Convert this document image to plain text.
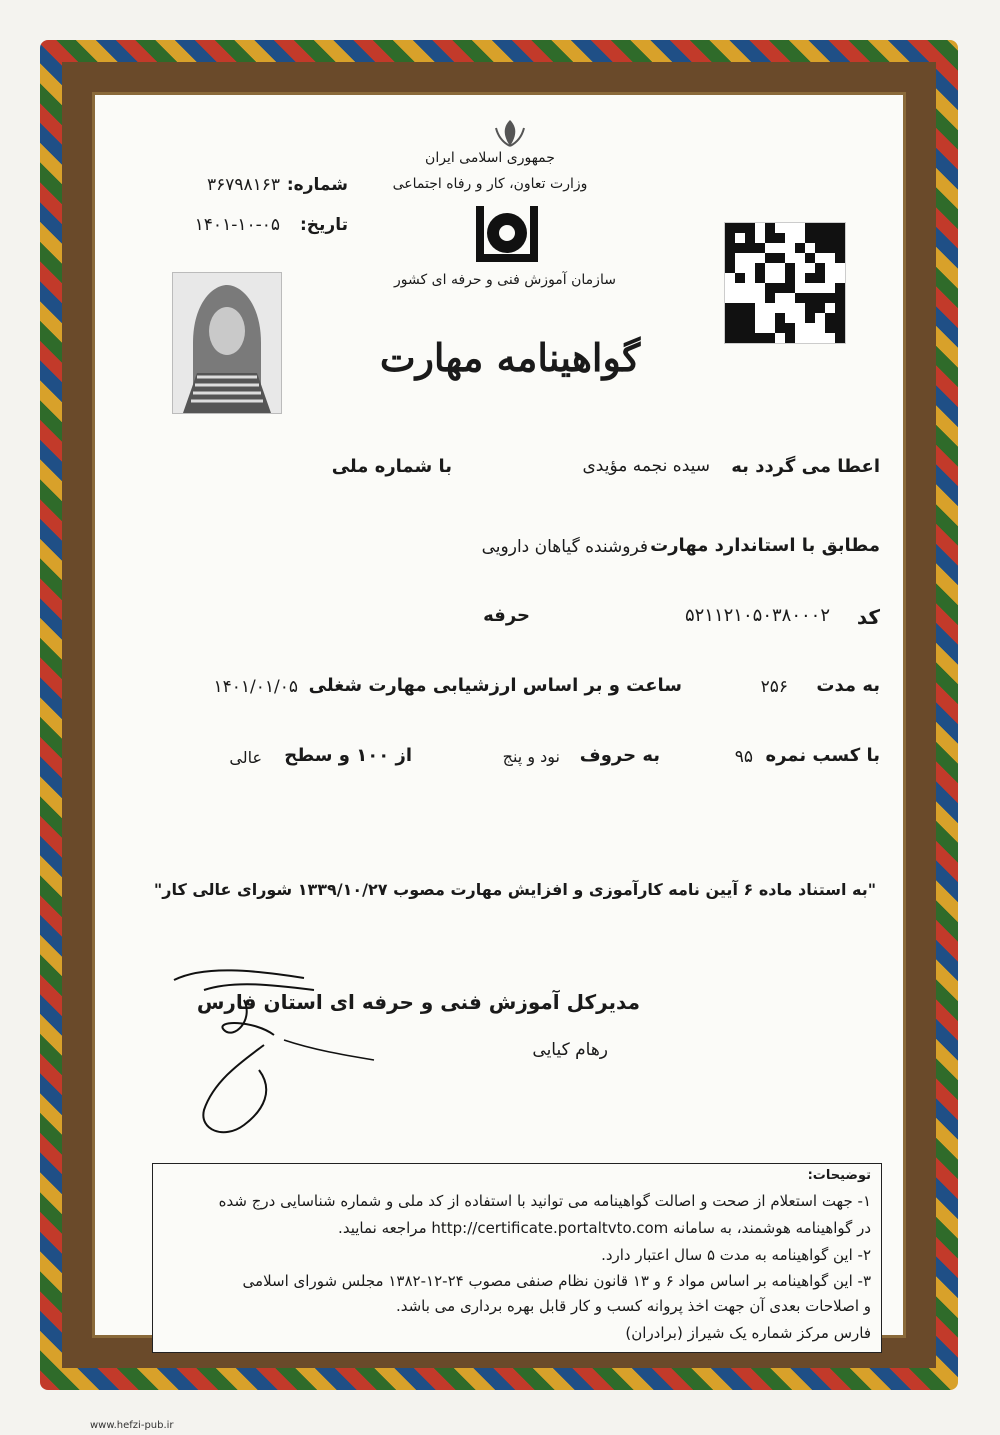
جمهوری اسلامی ایران
وزارت تعاون، کار و رفاه اجتماعی
سازمان آموزش فنی و حرفه ای کشور
شماره:
۳۶۷۹۸۱۶۳
تاریخ:
۱۴۰۱-۱۰-۰۵
گواهینامه مهارت
اعطا می گردد به
سیده نجمه مؤیدی
با شماره ملی
مطابق با استاندارد مهارت
فروشنده گیاهان دارویی
کد
۵۲۱۱۲۱۰۵۰۳۸۰۰۰۲
حرفه
به مدت
۲۵۶
ساعت و بر اساس ارزشیابی مهارت شغلی
۱۴۰۱/۰۱/۰۵
با کسب نمره
۹۵
به حروف
نود و پنج
از ۱۰۰ و سطح
عالی
"به استناد ماده ۶ آیین نامه کارآموزی و افزایش مهارت مصوب ۱۳۳۹/۱۰/۲۷ شورای عالی کار"
مدیرکل آموزش فنی و حرفه ای استان فارس
رهام کیایی
توضیحات:
۱- جهت استعلام از صحت و اصالت گواهینامه می توانید با استفاده از کد ملی و شماره شناسایی درج شده
در گواهینامه هوشمند، به سامانه http://certificate.portaltvto.com مراجعه نمایید.
۲- این گواهینامه به مدت ۵ سال اعتبار دارد.
۳- این گواهینامه بر اساس مواد ۶ و ۱۳ قانون نظام صنفی مصوب ۲۴-۱۲-۱۳۸۲ مجلس شورای اسلامی
و اصلاحات بعدی آن جهت اخذ پروانه کسب و کار قابل بهره برداری می باشد.
فارس مرکز شماره یک شیراز (برادران)
www.hefzi-pub.ir
